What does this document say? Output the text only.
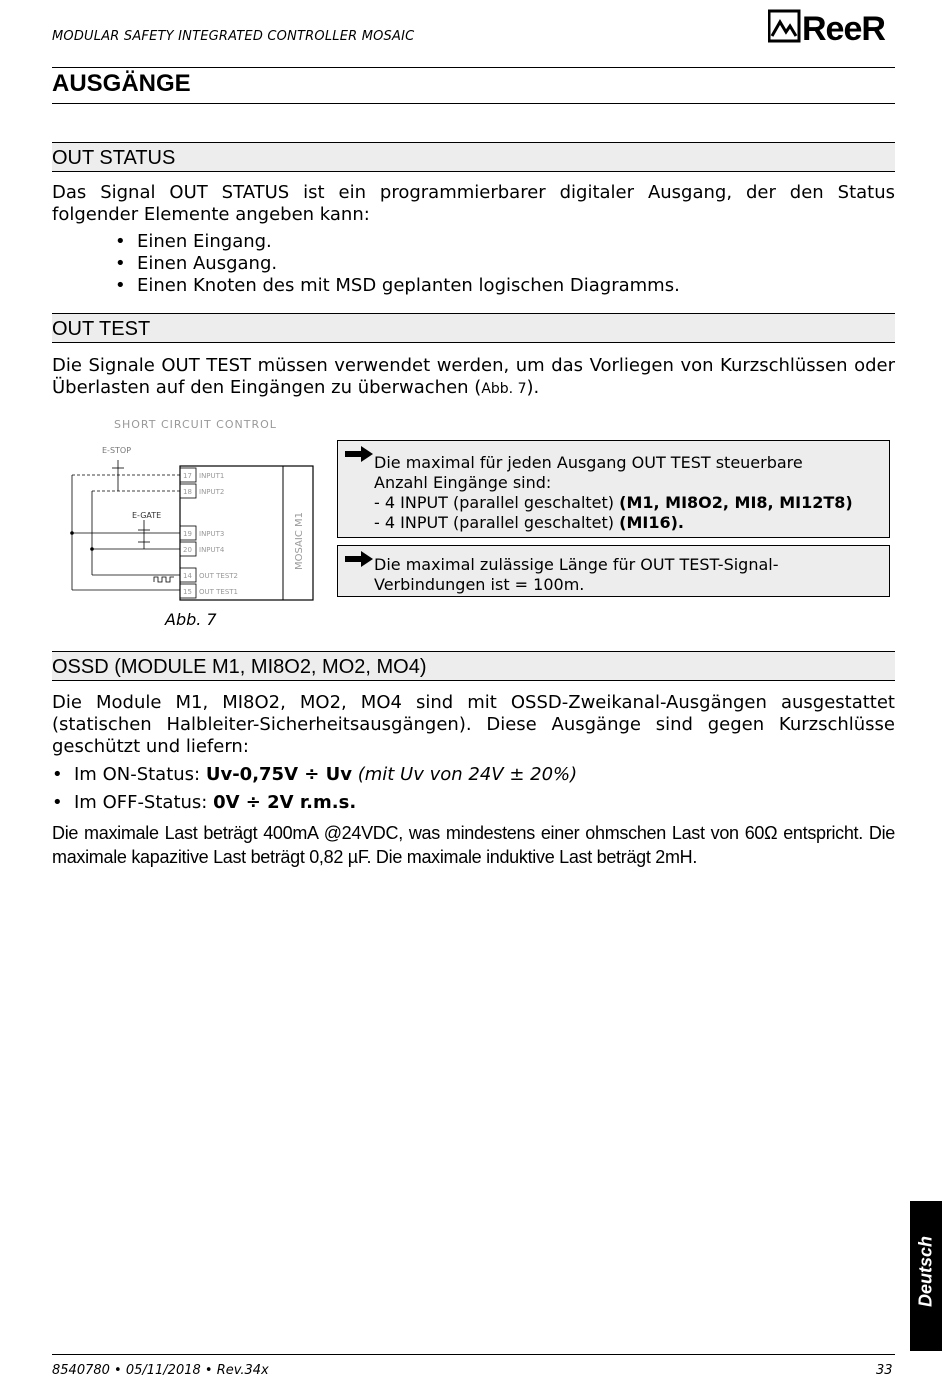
MODULAR SAFETY INTEGRATED CONTROLLER MOSAIC	ReeR
AUSGÄNGE
OUT STATUS
Das Signal OUT STATUS ist ein programmierbarer digitaler Ausgang, der den Status folgender Elemente angeben kann:
• Einen Eingang.
• Einen Ausgang.
• Einen Knoten des mit MSD geplanten logischen Diagramms.
OUT TEST
Die Signale OUT TEST müssen verwendet werden, um das Vorliegen von Kurzschlüssen oder Überlasten auf den Eingängen zu überwachen (Abb. 7).
SHORT CIRCUIT CONTROL
E-STOP
E-GATE	MOSAIC M1
17 INPUT1
18 INPUT2
19 INPUT3
20 INPUT4
14 OUT TEST2
15 OUT TEST1
Abb. 7
Die maximal für jeden Ausgang OUT TEST steuerbare
Anzahl Eingänge sind:
- 4 INPUT (parallel geschaltet) (M1, MI8O2, MI8, MI12T8)
- 4 INPUT (parallel geschaltet) (MI16).
Die maximal zulässige Länge für OUT TEST-Signal-
Verbindungen ist = 100m.
OSSD (MODULE M1, MI8O2, MO2, MO4)
Die Module M1, MI8O2, MO2, MO4 sind mit OSSD-Zweikanal-Ausgängen ausgestattet (statischen Halbleiter-Sicherheitsausgängen). Diese Ausgänge sind gegen Kurzschlüsse geschützt und liefern:
• Im ON-Status: Uv-0,75V ÷ Uv (mit Uv von 24V ± 20%)
• Im OFF-Status: 0V ÷ 2V r.m.s.
Die maximale Last beträgt 400mA @24VDC, was mindestens einer ohmschen Last von 60Ω entspricht. Die maximale kapazitive Last beträgt 0,82 µF. Die maximale induktive Last beträgt 2mH.
Deutsch
8540780 • 05/11/2018 • Rev.34x	33
